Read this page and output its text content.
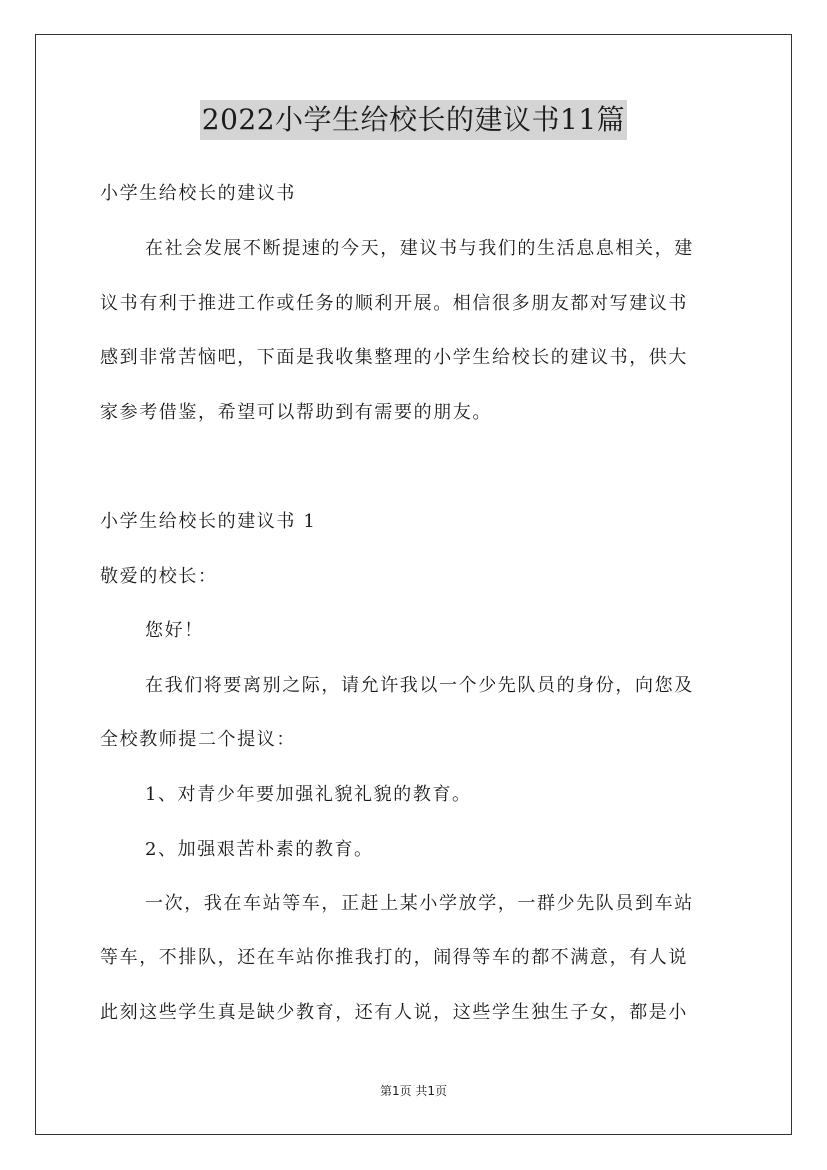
2022小学生给校长的建议书11篇
小学生给校长的建议书
在社会发展不断提速的今天，建议书与我们的生活息息相关，建
议书有利于推进工作或任务的顺利开展。相信很多朋友都对写建议书
感到非常苦恼吧，下面是我收集整理的小学生给校长的建议书，供大
家参考借鉴，希望可以帮助到有需要的朋友。
小学生给校长的建议书 1
敬爱的校长：
您好！
在我们将要离别之际，请允许我以一个少先队员的身份，向您及
全校教师提二个提议：
1、对青少年要加强礼貌礼貌的教育。
2、加强艰苦朴素的教育。
一次，我在车站等车，正赶上某小学放学，一群少先队员到车站
等车，不排队，还在车站你推我打的，闹得等车的都不满意，有人说
此刻这些学生真是缺少教育，还有人说，这些学生独生子女，都是小
第1页 共1页
